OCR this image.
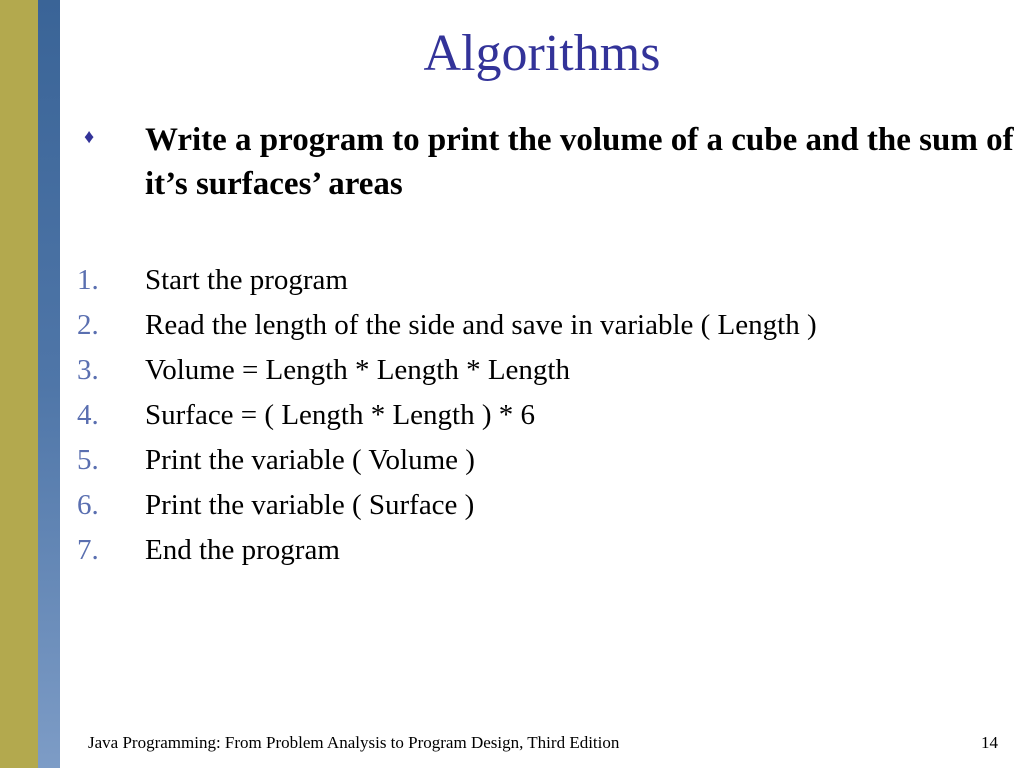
Algorithms
♦	Write a program to print the volume of a cube and the sum of it’s surfaces’ areas

1.	Start the program
2.	Read the length of the side and save in variable ( Length )
3.	Volume = Length * Length * Length
4.	Surface = ( Length * Length ) * 6
5.	Print the variable ( Volume )
6.	Print the variable ( Surface )
7.	End the program
Java Programming: From Problem Analysis to Program Design, Third Edition	14
